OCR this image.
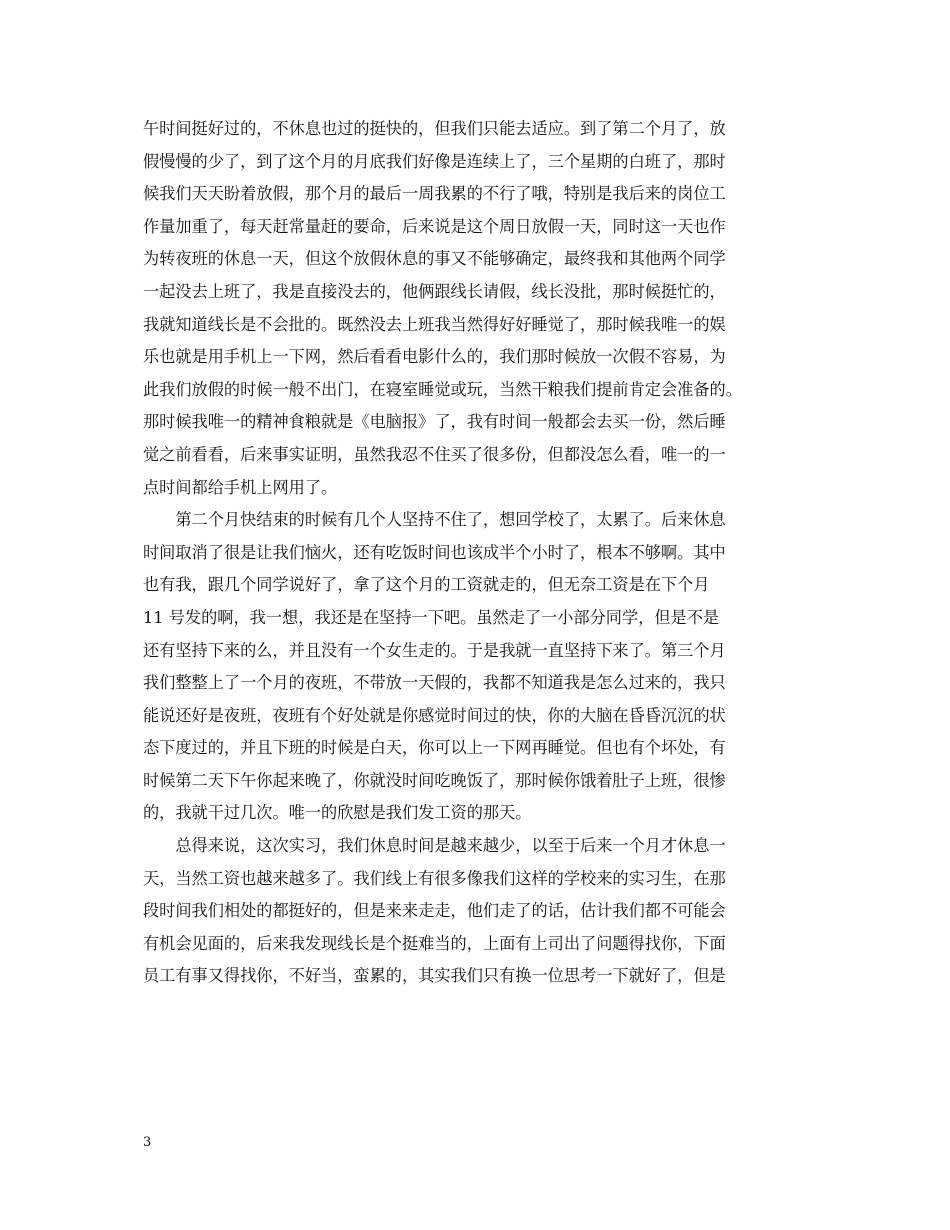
午时间挺好过的，不休息也过的挺快的，但我们只能去适应。到了第二个月了，放
假慢慢的少了，到了这个月的月底我们好像是连续上了，三个星期的白班了，那时
候我们天天盼着放假，那个月的最后一周我累的不行了哦，特别是我后来的岗位工
作量加重了，每天赶常量赶的要命，后来说是这个周日放假一天，同时这一天也作
为转夜班的休息一天，但这个放假休息的事又不能够确定，最终我和其他两个同学
一起没去上班了，我是直接没去的，他俩跟线长请假，线长没批，那时候挺忙的，
我就知道线长是不会批的。既然没去上班我当然得好好睡觉了，那时候我唯一的娱
乐也就是用手机上一下网，然后看看电影什么的，我们那时候放一次假不容易，为
此我们放假的时候一般不出门，在寝室睡觉或玩，当然干粮我们提前肯定会准备的。
那时候我唯一的精神食粮就是《电脑报》了，我有时间一般都会去买一份，然后睡
觉之前看看，后来事实证明，虽然我忍不住买了很多份，但都没怎么看，唯一的一
点时间都给手机上网用了。
　　第二个月快结束的时候有几个人坚持不住了，想回学校了，太累了。后来休息
时间取消了很是让我们恼火，还有吃饭时间也该成半个小时了，根本不够啊。其中
也有我，跟几个同学说好了，拿了这个月的工资就走的，但无奈工资是在下个月
11 号发的啊，我一想，我还是在坚持一下吧。虽然走了一小部分同学，但是不是
还有坚持下来的么，并且没有一个女生走的。于是我就一直坚持下来了。第三个月
我们整整上了一个月的夜班，不带放一天假的，我都不知道我是怎么过来的，我只
能说还好是夜班，夜班有个好处就是你感觉时间过的快，你的大脑在昏昏沉沉的状
态下度过的，并且下班的时候是白天，你可以上一下网再睡觉。但也有个坏处，有
时候第二天下午你起来晚了，你就没时间吃晚饭了，那时候你饿着肚子上班，很惨
的，我就干过几次。唯一的欣慰是我们发工资的那天。
　　总得来说，这次实习，我们休息时间是越来越少，以至于后来一个月才休息一
天，当然工资也越来越多了。我们线上有很多像我们这样的学校来的实习生，在那
段时间我们相处的都挺好的，但是来来走走，他们走了的话，估计我们都不可能会
有机会见面的，后来我发现线长是个挺难当的，上面有上司出了问题得找你，下面
员工有事又得找你，不好当，蛮累的，其实我们只有换一位思考一下就好了，但是
3
